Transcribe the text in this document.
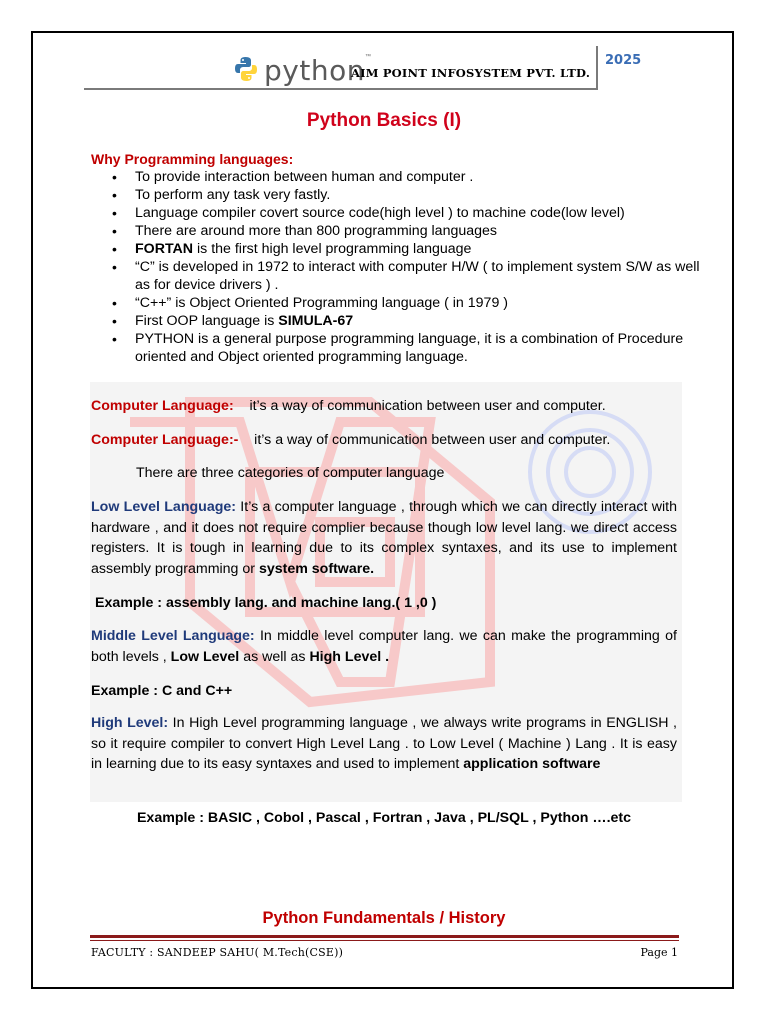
python ™
AIM POINT INFOSYSTEM PVT. LTD.
2025
Python Basics (I)
Why Programming languages:
• To provide interaction between human and computer .
• To perform any task very fastly.
• Language compiler covert source code(high level ) to machine code(low level)
• There are around more than 800 programming languages
• FORTAN is the first high level programming language
• “C” is developed in 1972 to interact with computer H/W ( to implement system S/W as well as for device drivers ) .
• “C++” is Object Oriented Programming language ( in 1979 )
• First OOP language is SIMULA-67
• PYTHON is a general purpose programming language, it is a combination of Procedure oriented and Object oriented programming language.
Computer Language: it’s a way of communication between user and computer.
Computer Language:- it’s a way of communication between user and computer.
There are three categories of computer language
Low Level Language: It’s a computer language , through which we can directly interact with hardware , and it does not require complier because though low level lang. we direct access registers. It is tough in learning due to its complex syntaxes, and its use to implement assembly programming or system software.
Example : assembly lang. and machine lang.( 1 ,0 )
Middle Level Language: In middle level computer lang. we can make the programming of both levels , Low Level as well as High Level .
Example : C and C++
High Level: In High Level programming language , we always write programs in ENGLISH , so it require compiler to convert High Level Lang . to Low Level ( Machine ) Lang . It is easy in learning due to its easy syntaxes and used to implement application software
Example : BASIC , Cobol , Pascal , Fortran , Java , PL/SQL , Python ….etc
Python Fundamentals / History
FACULTY : SANDEEP SAHU( M.Tech(CSE))	Page 1
